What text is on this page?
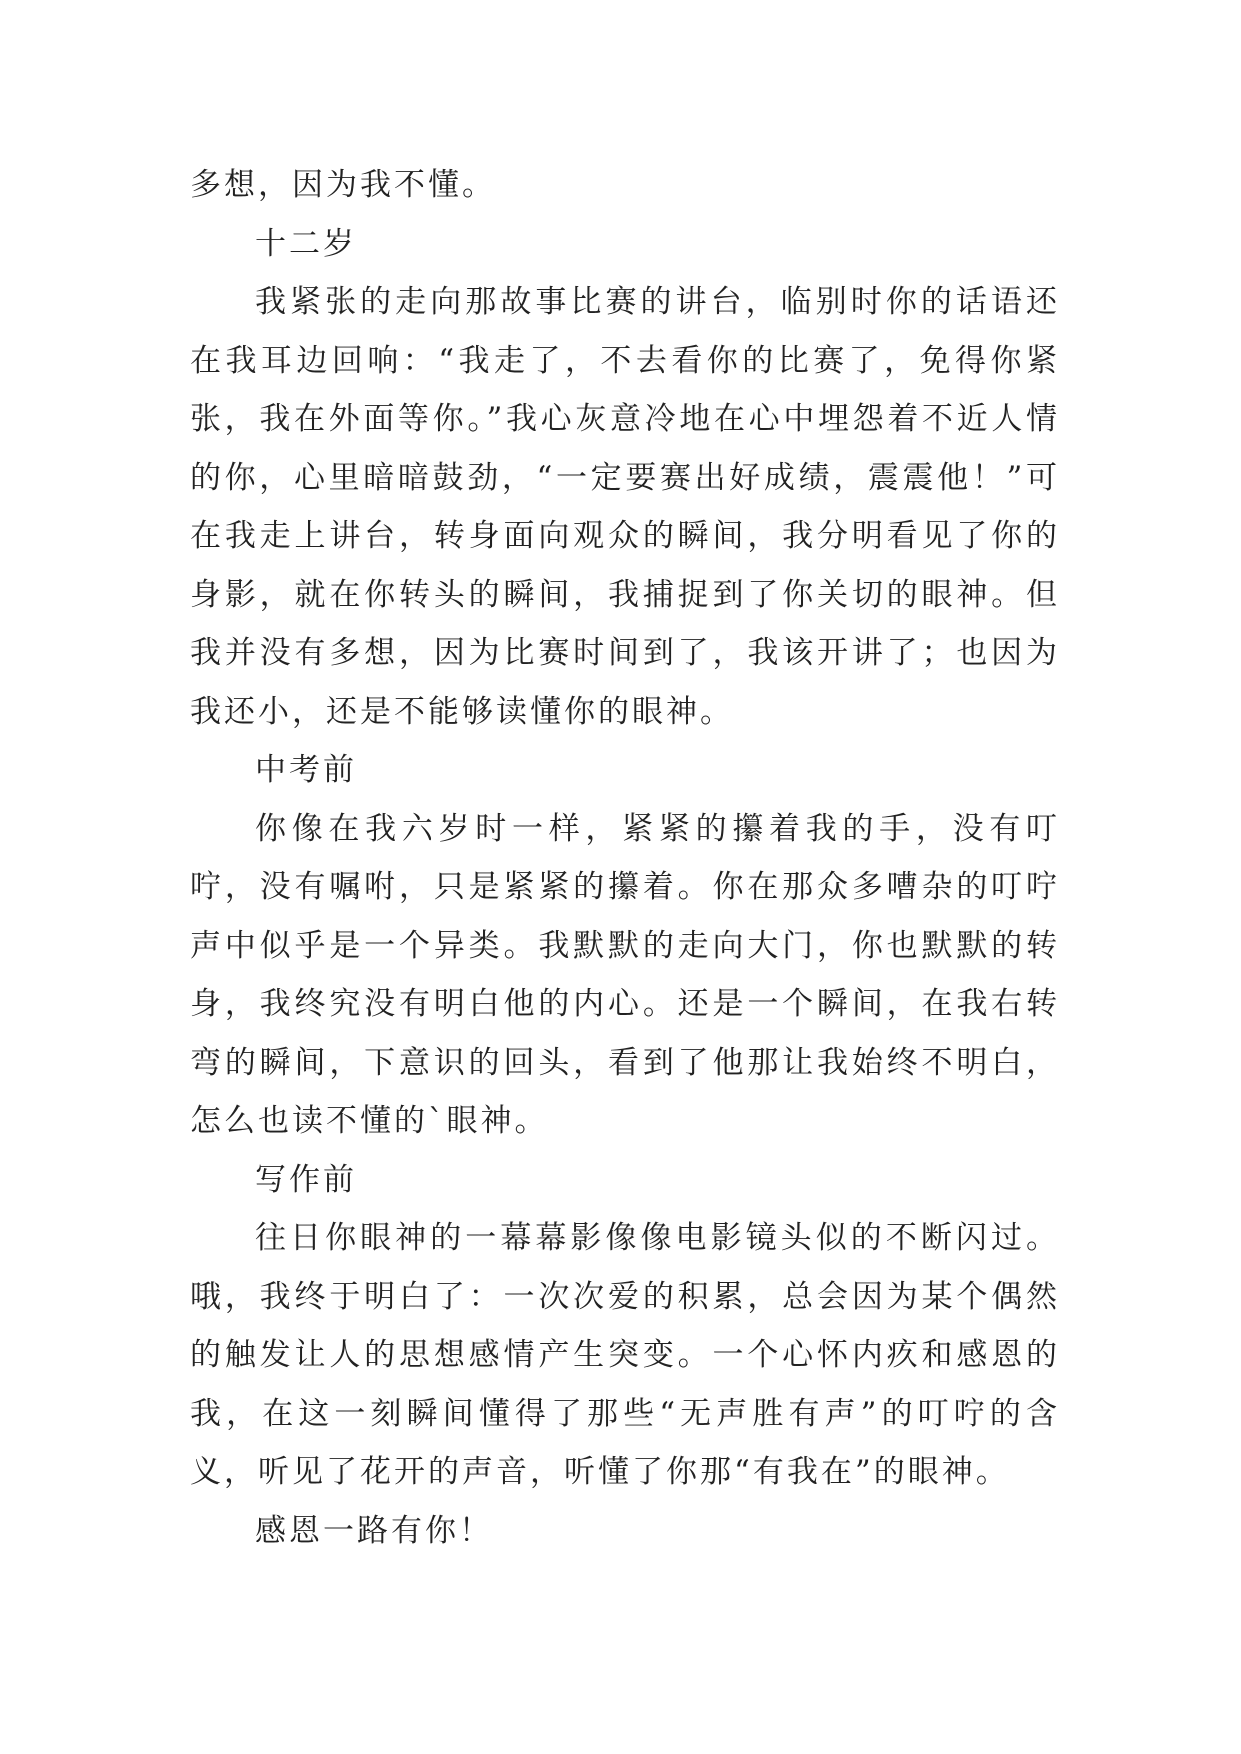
多想，因为我不懂。

十二岁

我紧张的走向那故事比赛的讲台，临别时你的话语还在我耳边回响：“我走了，不去看你的比赛了，免得你紧张，我在外面等你。”我心灰意冷地在心中埋怨着不近人情的你，心里暗暗鼓劲，“一定要赛出好成绩，震震他！”可在我走上讲台，转身面向观众的瞬间，我分明看见了你的身影，就在你转头的瞬间，我捕捉到了你关切的眼神。但我并没有多想，因为比赛时间到了，我该开讲了；也因为我还小，还是不能够读懂你的眼神。

中考前

你像在我六岁时一样，紧紧的攥着我的手，没有叮咛，没有嘱咐，只是紧紧的攥着。你在那众多嘈杂的叮咛声中似乎是一个异类。我默默的走向大门，你也默默的转身，我终究没有明白他的内心。还是一个瞬间，在我右转弯的瞬间，下意识的回头，看到了他那让我始终不明白，怎么也读不懂的`眼神。

写作前

往日你眼神的一幕幕影像像电影镜头似的不断闪过。哦，我终于明白了：一次次爱的积累，总会因为某个偶然的触发让人的思想感情产生突变。一个心怀内疚和感恩的我，在这一刻瞬间懂得了那些“无声胜有声”的叮咛的含义，听见了花开的声音，听懂了你那“有我在”的眼神。

感恩一路有你！
